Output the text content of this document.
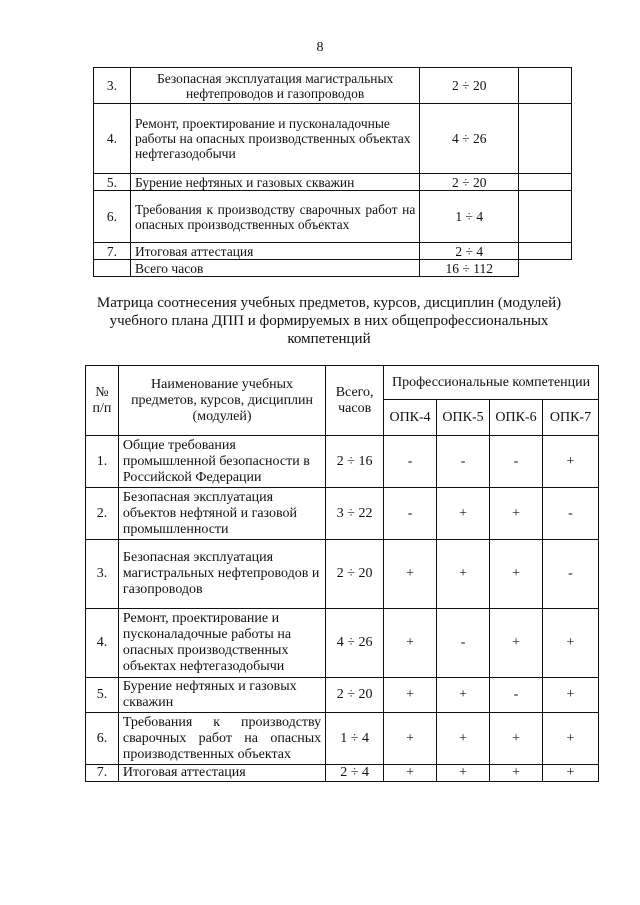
8
3.	Безопасная эксплуатация магистральных нефтепроводов и газопроводов	2 ÷ 20	
4.	Ремонт, проектирование и пусконаладочные работы на опасных производственных объектах нефтегазодобычи	4 ÷ 26	
5.	Бурение нефтяных и газовых скважин	2 ÷ 20	
6.	Требования к производству сварочных работ на опасных производственных объектах	1 ÷ 4	
7.	Итоговая аттестация	2 ÷ 4	
	Всего часов	16 ÷ 112	
Матрица соотнесения учебных предметов, курсов, дисциплин (модулей) учебного плана ДПП и формируемых в них общепрофессиональных компетенций
№ п/п	Наименование учебных предметов, курсов, дисциплин (модулей)	Всего, часов	Профессиональные компетенции			
			ОПК-4	ОПК-5	ОПК-6	ОПК-7
1.	Общие требования промышленной безопасности в Российской Федерации	2 ÷ 16	-	-	-	+
2.	Безопасная эксплуатация объектов нефтяной и газовой промышленности	3 ÷ 22	-	+	+	-
3.	Безопасная эксплуатация магистральных нефтепроводов и газопроводов	2 ÷ 20	+	+	+	-
4.	Ремонт, проектирование и пусконаладочные работы на опасных производственных объектах нефтегазодобычи	4 ÷ 26	+	-	+	+
5.	Бурение нефтяных и газовых скважин	2 ÷ 20	+	+	-	+
6.	Требования к производству сварочных работ на опасных производственных объектах	1 ÷ 4	+	+	+	+
7.	Итоговая аттестация	2 ÷ 4	+	+	+	+
